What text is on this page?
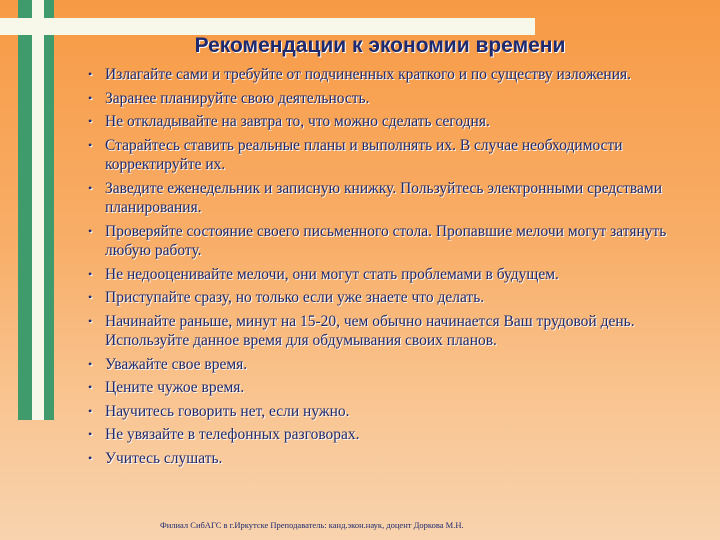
Рекомендации к экономии времени
• Излагайте сами и требуйте от подчиненных краткого и по существу изложения.
• Заранее планируйте свою деятельность.
• Не откладывайте на завтра то, что можно сделать сегодня.
• Старайтесь ставить реальные планы и выполнять их. В случае необходимости корректируйте их.
• Заведите еженедельник и записную книжку. Пользуйтесь электронными средствами планирования.
• Проверяйте состояние своего письменного стола. Пропавшие мелочи могут затянуть любую работу.
• Не недооценивайте мелочи, они могут стать проблемами в будущем.
• Приступайте сразу, но только если уже знаете что делать.
• Начинайте раньше, минут на 15-20, чем обычно начинается Ваш трудовой день. Используйте данное время для обдумывания своих планов.
• Уважайте свое время.
• Цените чужое время.
• Научитесь говорить нет, если нужно.
• Не увязайте в телефонных разговорах.
• Учитесь слушать.
Филиал СибАГС в г.Иркутске Преподаватель: канд.экон.наук, доцент Доркова М.Н.
